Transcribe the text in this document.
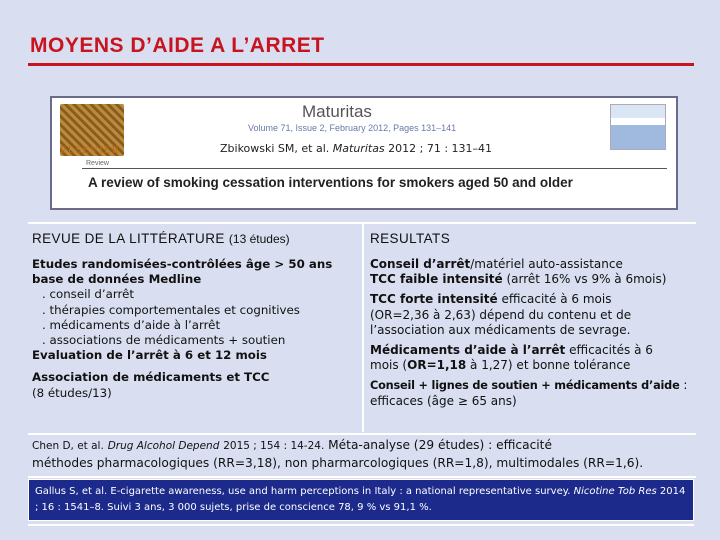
MOYENS D’AIDE A L’ARRET
ELSEVIER
Maturitas
Volume 71, Issue 2, February 2012, Pages 131–141
Zbikowski SM, et al. Maturitas 2012 ; 71 : 131–41
Review
A review of smoking cessation interventions for smokers aged 50 and older
REVUE DE LA LITTÉRATURE (13 études)
Etudes randomisées-contrôlées âge > 50 ans
base de données Medline
. conseil d’arrêt
. thérapies comportementales et cognitives
. médicaments d’aide à l’arrêt
. associations de médicaments + soutien
Evaluation de l’arrêt à 6 et 12 mois
Association de médicaments et TCC
(8 études/13)
RESULTATS

Conseil d’arrêt/matériel auto-assistance
TCC faible intensité (arrêt 16% vs 9% à 6mois)

TCC forte intensité efficacité à 6 mois
(OR=2,36 à 2,63) dépend du contenu et de
l’association aux médicaments de sevrage.

Médicaments d’aide à l’arrêt efficacités à 6
mois (OR=1,18 à 1,27) et bonne tolérance

Conseil + lignes de soutien + médicaments d’aide :
efficaces (âge ≥ 65 ans)

Chen D, et al. Drug Alcohol Depend 2015 ; 154 : 14-24. Méta-analyse (29 études) : efficacité
méthodes pharmacologiques (RR=3,18), non pharmarcologiques (RR=1,8), multimodales (RR=1,6).
Gallus S, et al. E-cigarette awareness, use and harm perceptions in Italy : a national representative survey. Nicotine Tob Res 2014 ; 16 : 1541–8. Suivi 3 ans, 3 000 sujets, prise de conscience 78, 9 % vs 91,1 %.
